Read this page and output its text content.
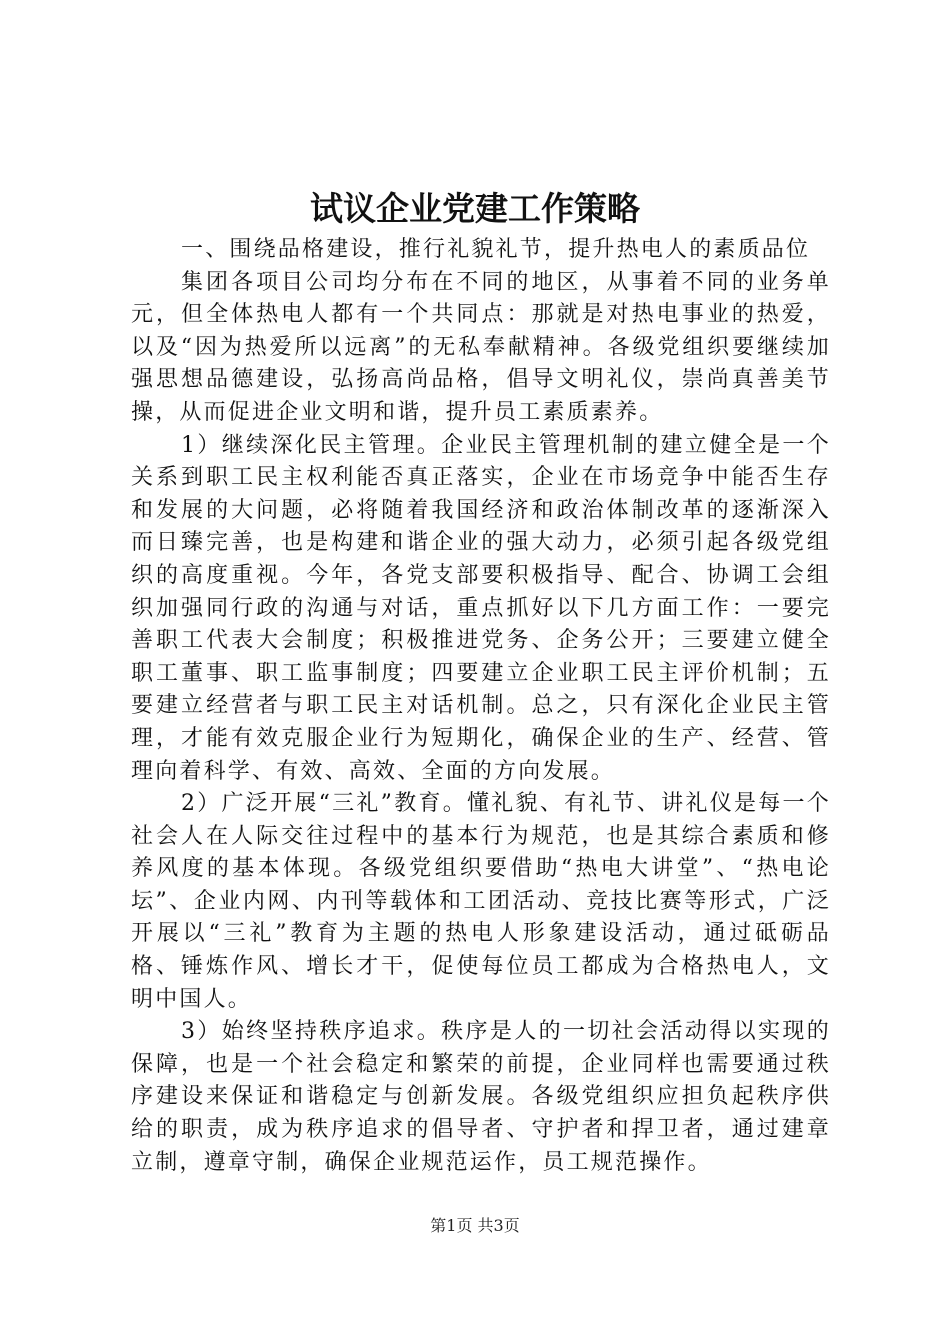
试议企业党建工作策略

一、围绕品格建设，推行礼貌礼节，提升热电人的素质品位

集团各项目公司均分布在不同的地区，从事着不同的业务单元，但全体热电人都有一个共同点：那就是对热电事业的热爱，以及“因为热爱所以远离”的无私奉献精神。各级党组织要继续加强思想品德建设，弘扬高尚品格，倡导文明礼仪，崇尚真善美节操，从而促进企业文明和谐，提升员工素质素养。

1）继续深化民主管理。企业民主管理机制的建立健全是一个关系到职工民主权利能否真正落实，企业在市场竞争中能否生存和发展的大问题，必将随着我国经济和政治体制改革的逐渐深入而日臻完善，也是构建和谐企业的强大动力，必须引起各级党组织的高度重视。今年，各党支部要积极指导、配合、协调工会组织加强同行政的沟通与对话，重点抓好以下几方面工作：一要完善职工代表大会制度；积极推进党务、企务公开；三要建立健全职工董事、职工监事制度；四要建立企业职工民主评价机制；五要建立经营者与职工民主对话机制。总之，只有深化企业民主管理，才能有效克服企业行为短期化，确保企业的生产、经营、管理向着科学、有效、高效、全面的方向发展。

2）广泛开展“三礼”教育。懂礼貌、有礼节、讲礼仪是每一个社会人在人际交往过程中的基本行为规范，也是其综合素质和修养风度的基本体现。各级党组织要借助“热电大讲堂”、“热电论坛”、企业内网、内刊等载体和工团活动、竞技比赛等形式，广泛开展以“三礼”教育为主题的热电人形象建设活动，通过砥砺品格、锤炼作风、增长才干，促使每位员工都成为合格热电人，文明中国人。

3）始终坚持秩序追求。秩序是人的一切社会活动得以实现的保障，也是一个社会稳定和繁荣的前提，企业同样也需要通过秩序建设来保证和谐稳定与创新发展。各级党组织应担负起秩序供给的职责，成为秩序追求的倡导者、守护者和捍卫者，通过建章立制，遵章守制，确保企业规范运作，员工规范操作。

第1页 共3页
